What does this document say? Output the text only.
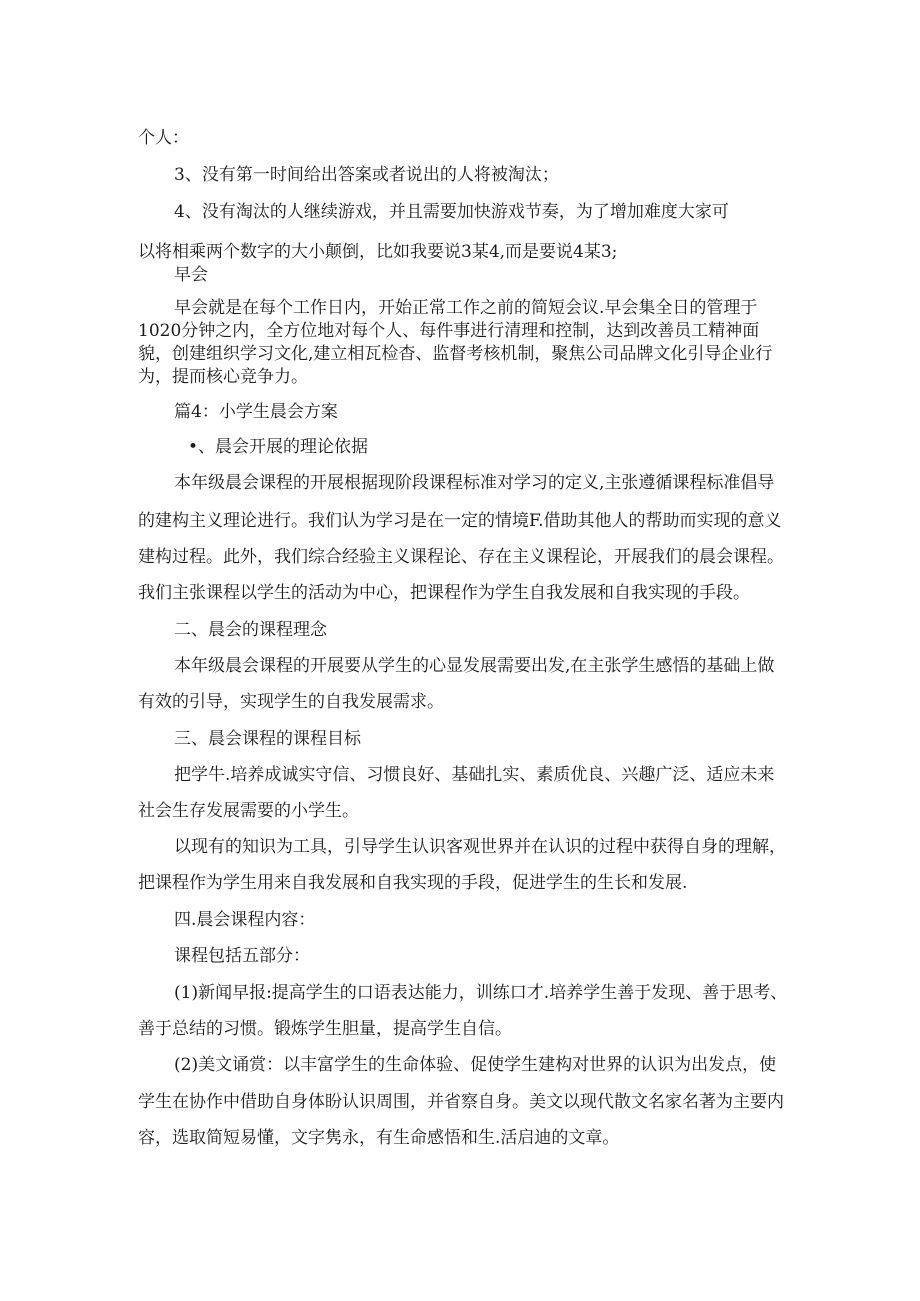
个人：
3、没有第一时间给出答案或者说出的人将被淘汰；
4、没有淘汰的人继续游戏，并且需要加快游戏节奏，为了增加难度大家可
以将相乘两个数字的大小颠倒，比如我要说3某4,而是要说4某3;
早会
早会就是在每个工作日内，开始正常工作之前的简短会议.早会集全日的管理于
1020分钟之内，全方位地对每个人、每件事进行清理和控制，达到改善员工精神面
貌，创建组织学习文化,建立相瓦检杳、监督考核机制，聚焦公司品牌文化引导企业行
为，提而核心竞争力。
篇4：小学生晨会方案
•、晨会开展的理论依据
本年级晨会课程的开展根据现阶段课程标准对学习的定义,主张遵循课程标准倡导
的建构主义理论进行。我们认为学习是在一定的情境F.借助其他人的帮助而实现的意义
建构过程。此外，我们综合经验主义课程论、存在主义课程论，开展我们的晨会课程。
我们主张课程以学生的活动为中心，把课程作为学生自我发展和自我实现的手段。
二、晨会的课程理念
本年级晨会课程的开展要从学生的心显发展需要出发,在主张学生感悟的基础上做
有效的引导，实现学生的自我发展需求。
三、晨会课程的课程目标
把学牛.培养成诚实守信、习惯良好、基础扎实、素质优良、兴趣广泛、适应未来
社会生存发展需要的小学生。
以现有的知识为工具，引导学生认识客观世界并在认识的过程中获得自身的理解，
把课程作为学生用来自我发展和自我实现的手段，促进学生的生长和发展.
四.晨会课程内容：
课程包括五部分：
(1)新闻早报:提高学生的口语表达能力，训练口才.培养学生善于发现、善于思考、
善于总结的习惯。锻炼学生胆量，提高学生自信。
(2)美文诵赏：以丰富学生的生命体验、促使学生建构对世界的认识为出发点，使
学生在协作中借助自身体盼认识周围，并省察自身。美文以现代散文名家名著为主要内
容，选取简短易懂，文字隽永，有生命感悟和生.活启迪的文章。
